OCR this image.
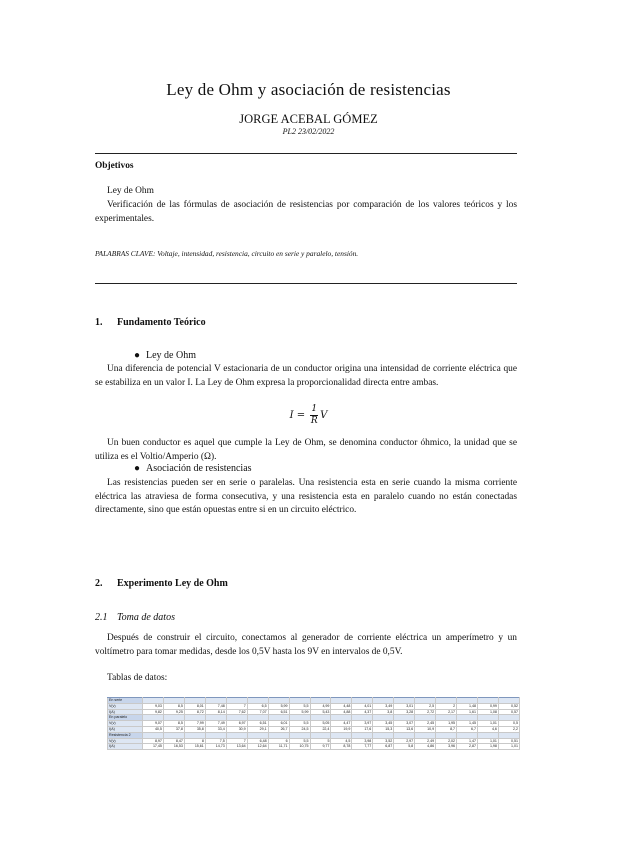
Ley de Ohm y asociación de resistencias
JORGE ACEBAL GÓMEZ
PL2 23/02/2022
Objetivos
Ley de Ohm
Verificación de las fórmulas de asociación de resistencias por comparación de los valores teóricos y los experimentales.
PALABRAS CLAVE: Voltaje, intensidad, resistencia, circuito en serie y paralelo, tensión.
1. Fundamento Teórico
● Ley de Ohm
Una diferencia de potencial V estacionaria de un conductor origina una intensidad de corriente eléctrica que se estabiliza en un valor I. La Ley de Ohm expresa la proporcionalidad directa entre ambas.
$I = \frac{1}{R}$ V
Un buen conductor es aquel que cumple la Ley de Ohm, se denomina conductor óhmico, la unidad que se utiliza es el Voltio/Amperio (Ω).
● Asociación de resistencias
Las resistencias pueden ser en serie o paralelas. Una resistencia esta en serie cuando la misma corriente eléctrica las atraviesa de forma consecutiva, y una resistencia esta en paralelo cuando no están conectadas directamente, sino que están opuestas entre si en un circuito eléctrico.
2. Experimento Ley de Ohm
2.1 Toma de datos
Después de construir el circuito, conectamos al generador de corriente eléctrica un amperímetro y un voltímetro para tomar medidas, desde los 0,5V hasta los 9V en intervalos de 0,5V.
Tablas de datos:
En serie																		
V(v)	9,03	8,5	8,01	7,48	7	6,5	5,99	5,5	4,99	4,48	4,01	3,49	3,01	2,5	2	1,48	0,99	0,52
I(A)	9,82	9,25	8,72	8,14	7,62	7,07	6,51	5,99	5,43	4,88	4,37	3,8	3,28	2,72	2,17	1,61	1,08	0,57
En paralelo																		
V(v)	9,07	8,5	7,99	7,49	6,97	6,51	6,01	5,5	5,05	4,47	3,97	3,45	3,07	2,45	1,95	1,45	1,01	0,5
I(A)	40,5	37,8	35,8	33,4	30,9	29,1	26,7	24,5	22,4	19,9	17,6	15,3	13,6	10,9	8,7	6,7	4,6	2,2
Resistencia 2																		
V(v)	8,97	8,47	8	7,5	7	6,48	6	5,5	5	4,5	3,98	3,52	2,97	2,49	2,02	1,47	1,01	0,51
I(A)	17,45	16,53	15,61	14,73	13,64	12,64	11,71	10,75	9,77	8,78	7,77	6,87	5,8	4,86	3,96	2,87	1,98	1,01
